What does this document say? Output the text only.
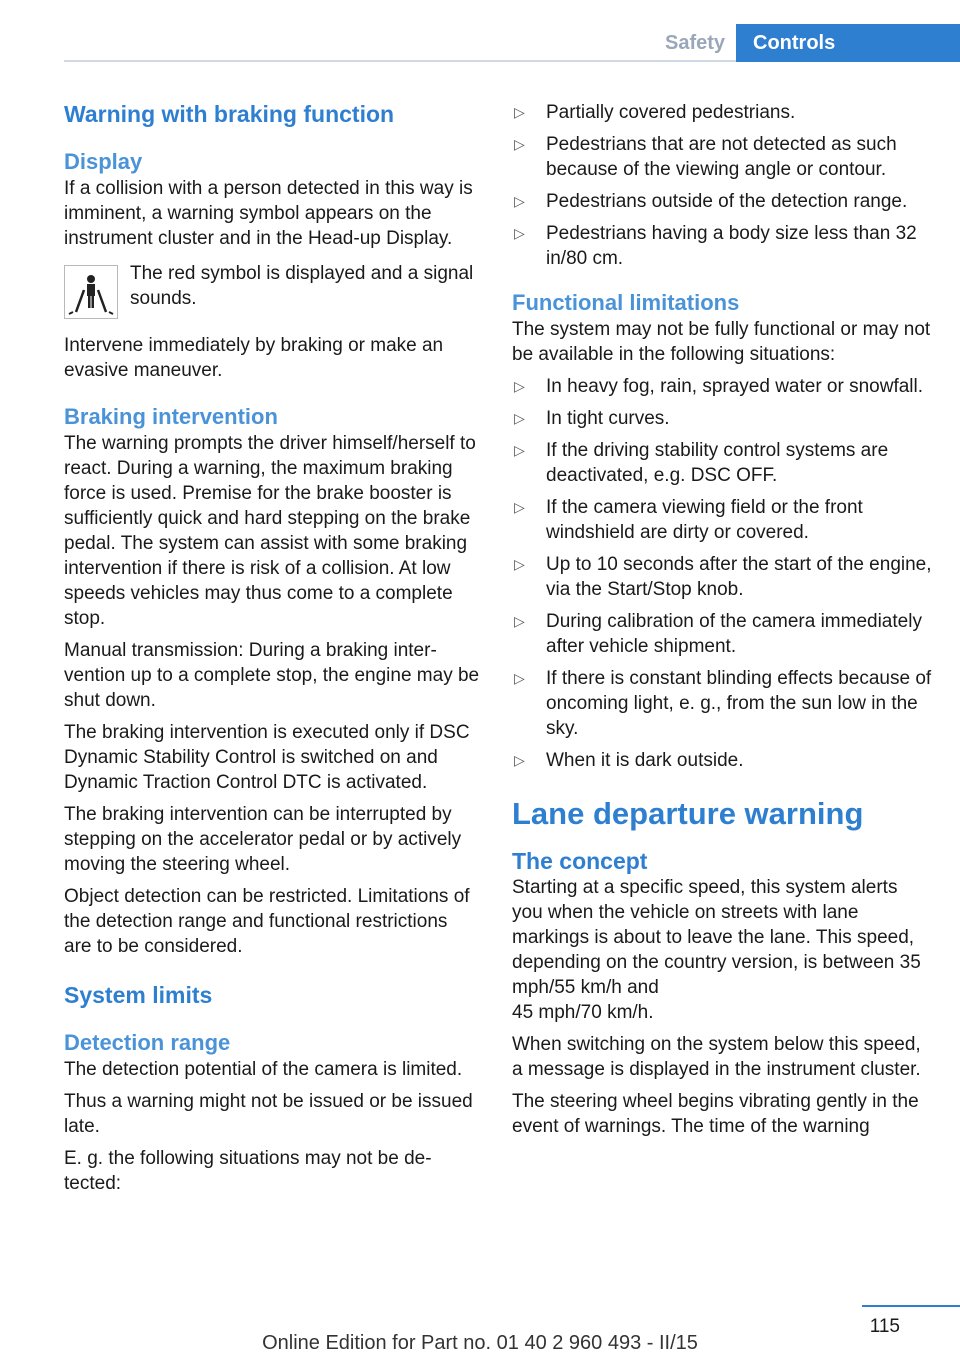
Safety	Controls
Warning with braking function
Display

If a collision with a person detected in this way is imminent, a warning symbol appears on the instrument cluster and in the Head-up Display.

The red symbol is displayed and a signal sounds.

Intervene immediately by braking or make an evasive maneuver.

Braking intervention

The warning prompts the driver himself/herself to react. During a warning, the maximum braking force is used. Premise for the brake booster is sufficiently quick and hard stepping on the brake pedal. The system can assist with some braking intervention if there is risk of a collision. At low speeds vehicles may thus come to a complete stop.

Manual transmission: During a braking intervention up to a complete stop, the engine may be shut down.

The braking intervention is executed only if DSC Dynamic Stability Control is switched on and Dynamic Traction Control DTC is activated.

The braking intervention can be interrupted by stepping on the accelerator pedal or by actively moving the steering wheel.

Object detection can be restricted. Limitations of the detection range and functional restrictions are to be considered.

System limits
Detection range

The detection potential of the camera is limited.

Thus a warning might not be issued or be issued late.

E. g. the following situations may not be detected:

▷ Partially covered pedestrians.
▷ Pedestrians that are not detected as such because of the viewing angle or contour.
▷ Pedestrians outside of the detection range.
▷ Pedestrians having a body size less than 32 in/80 cm.
Functional limitations

The system may not be fully functional or may not be available in the following situations:

▷ In heavy fog, rain, sprayed water or snowfall.
▷ In tight curves.
▷ If the driving stability control systems are deactivated, e.g. DSC OFF.
▷ If the camera viewing field or the front windshield are dirty or covered.
▷ Up to 10 seconds after the start of the engine, via the Start/Stop knob.
▷ During calibration of the camera immediately after vehicle shipment.
▷ If there is constant blinding effects because of oncoming light, e. g., from the sun low in the sky.
▷ When it is dark outside.
Lane departure warning
The concept

Starting at a specific speed, this system alerts you when the vehicle on streets with lane markings is about to leave the lane. This speed, depending on the country version, is between 35 mph/55 km/h and

45 mph/70 km/h.

When switching on the system below this speed, a message is displayed in the instrument cluster.

The steering wheel begins vibrating gently in the event of warnings. The time of the warning

115
Online Edition for Part no. 01 40 2 960 493 - II/15
